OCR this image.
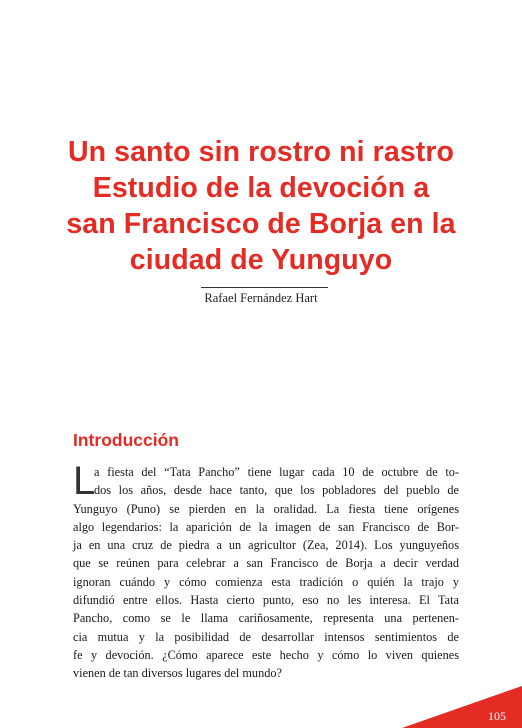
Un santo sin rostro ni rastro
Estudio de la devoción a
san Francisco de Borja en la
ciudad de Yunguyo
Rafael Fernández Hart
Introducción
L
a fiesta del “Tata Pancho” tiene lugar cada 10 de octubre de to-
dos los años, desde hace tanto, que los pobladores del pueblo de
Yunguyo (Puno) se pierden en la oralidad. La fiesta tiene orígenes
algo legendarios: la aparición de la imagen de san Francisco de Bor-
ja en una cruz de piedra a un agricultor (Zea, 2014). Los yunguyeños
que se reúnen para celebrar a san Francisco de Borja a decir verdad
ignoran cuándo y cómo comienza esta tradición o quién la trajo y
difundió entre ellos. Hasta cierto punto, eso no les interesa. El Tata
Pancho, como se le llama cariñosamente, representa una pertenen-
cia mutua y la posibilidad de desarrollar intensos sentimientos de
fe y devoción. ¿Cómo aparece este hecho y cómo lo viven quienes
vienen de tan diversos lugares del mundo?
105
